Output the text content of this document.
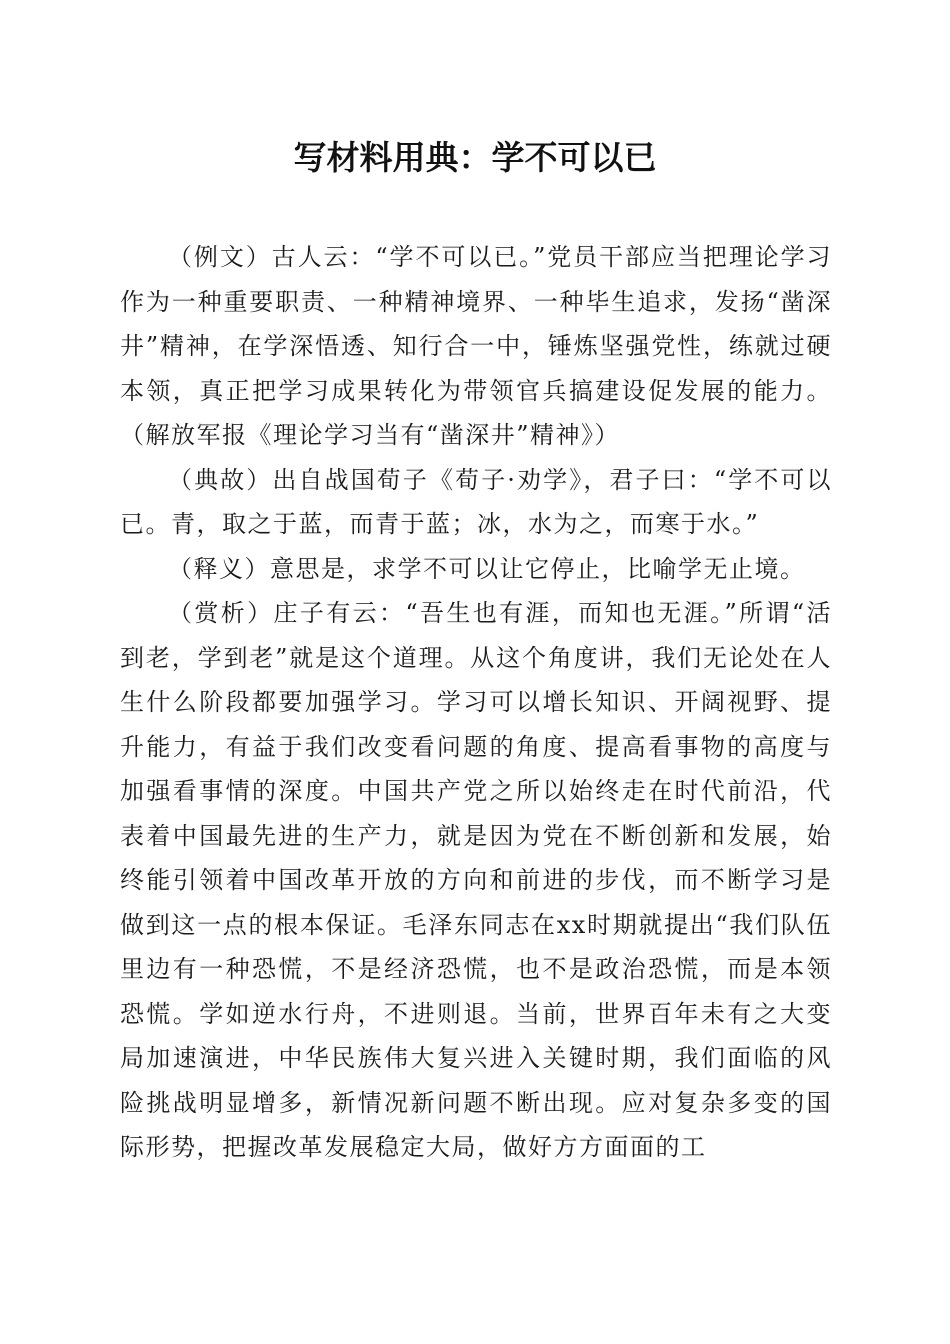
写材料用典：学不可以已

（例文）古人云：“学不可以已。”党员干部应当把理论学习作为一种重要职责、一种精神境界、一种毕生追求，发扬“凿深井”精神，在学深悟透、知行合一中，锤炼坚强党性，练就过硬本领，真正把学习成果转化为带领官兵搞建设促发展的能力。（解放军报《理论学习当有“凿深井”精神》）

（典故）出自战国荀子《荀子·劝学》，君子曰：“学不可以已。青，取之于蓝，而青于蓝；冰，水为之，而寒于水。”

（释义）意思是，求学不可以让它停止，比喻学无止境。

（赏析）庄子有云：“吾生也有涯，而知也无涯。”所谓“活到老，学到老”就是这个道理。从这个角度讲，我们无论处在人生什么阶段都要加强学习。学习可以增长知识、开阔视野、提升能力，有益于我们改变看问题的角度、提高看事物的高度与加强看事情的深度。中国共产党之所以始终走在时代前沿，代表着中国最先进的生产力，就是因为党在不断创新和发展，始终能引领着中国改革开放的方向和前进的步伐，而不断学习是做到这一点的根本保证。毛泽东同志在xx时期就提出“我们队伍里边有一种恐慌，不是经济恐慌，也不是政治恐慌，而是本领恐慌。学如逆水行舟，不进则退。当前，世界百年未有之大变局加速演进，中华民族伟大复兴进入关键时期，我们面临的风险挑战明显增多，新情况新问题不断出现。应对复杂多变的国际形势，把握改革发展稳定大局，做好方方面面的工
